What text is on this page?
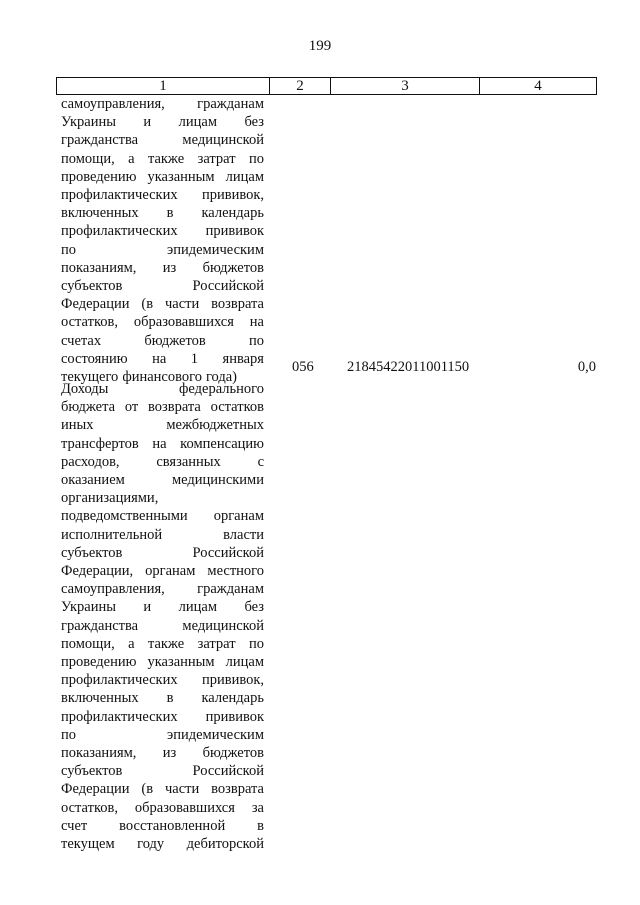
199
1	2	3	4
самоуправления, гражданам
Украины и лицам без
гражданства	медицинской
помощи, а также затрат по
проведению указанным лицам
профилактических прививок,
включенных в календарь
профилактических прививок
по	эпидемическим
показаниям, из бюджетов
субъектов	Российской
Федерации (в части возврата
остатков, образовавшихся на
счетах	бюджетов	по
состоянию на 1 января
текущего финансового года)
056 21845422011001150	0,0
Доходы	федерального
бюджета от возврата остатков
иных	межбюджетных
трансфертов на компенсацию
расходов,	связанных	с
оказанием	медицинскими
организациями,
подведомственными органам
исполнительной	власти
субъектов	Российской
Федерации, органам местного
самоуправления, гражданам
Украины и лицам без
гражданства	медицинской
помощи, а также затрат по
проведению указанным лицам
профилактических прививок,
включенных в календарь
профилактических прививок
по	эпидемическим
показаниям, из бюджетов
субъектов	Российской
Федерации (в части возврата
остатков, образовавшихся за
счет восстановленной в
текущем году дебиторской
